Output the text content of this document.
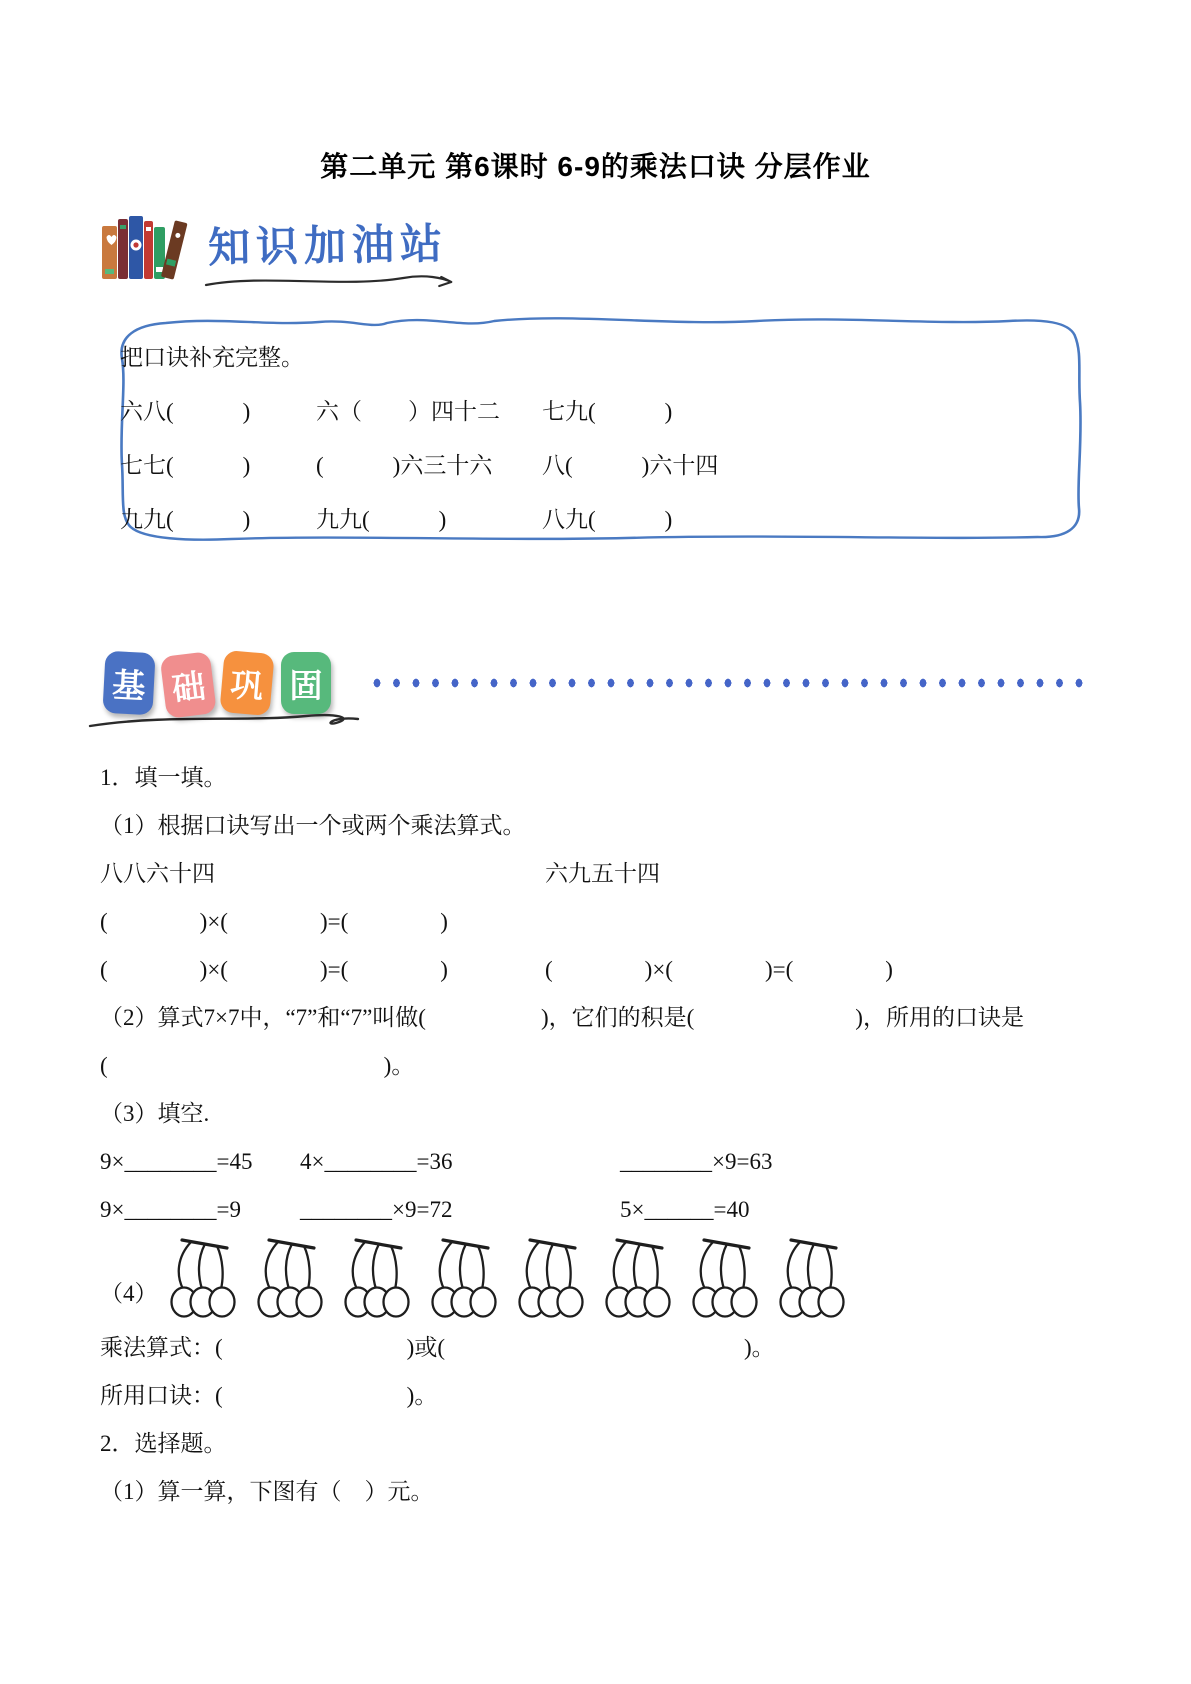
第二单元 第6课时 6-9的乘法口诀 分层作业
知识加油站

把口诀补充完整。

六八(　　　)	六（　　）四十二	七九(　　　)
七七(　　　)	(　　　)六三十六	八(　　　)六十四
九九(　　　)	九九(　　　)	八九(　　　)
基 础 巩 固

1．填一填。

（1）根据口诀写出一个或两个乘法算式。

八八六十四	六九五十四

(　　　　)×(　　　　)=(　　　　)

(　　　　)×(　　　　)=(　　　　)	(　　　　)×(　　　　)=(　　　　)

（2）算式7×7中，“7”和“7”叫做(　　　　　)，它们的积是(　　　　　　　)，所用的口诀是

(　　　　　　　　　　　　)。

（3）填空.

9×________=45	4×________=36	________×9=63
9×________=9	________×9=72	5×______=40
（4）

乘法算式：(　　　　　　　　)或(　　　　　　　　　　　　　)。

所用口诀：(　　　　　　　　)。

2．选择题。

（1）算一算，下图有（　）元。
